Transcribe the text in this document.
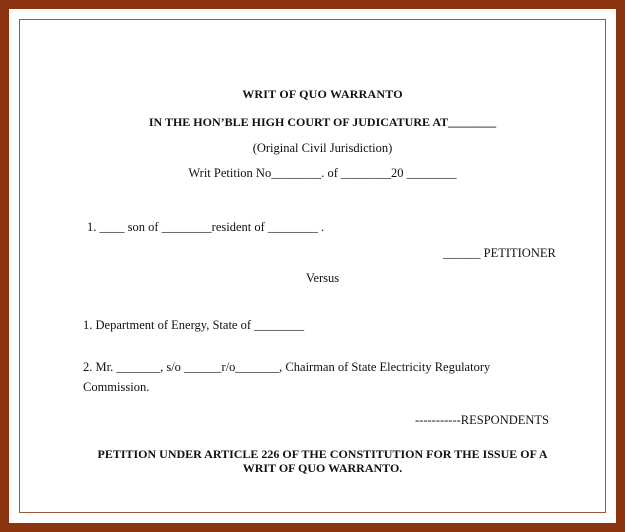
WRIT OF QUO WARRANTO
IN THE HON’BLE HIGH COURT OF JUDICATURE AT________
(Original Civil Jurisdiction)
Writ Petition No________. of ________20 ________
1. ____ son of ________resident of ________ .
______ PETITIONER
Versus
1. Department of Energy, State of ________
2. Mr. _______, s/o ______r/o_______, Chairman of State Electricity Regulatory
Commission.
-----------RESPONDENTS
PETITION UNDER ARTICLE 226 OF THE CONSTITUTION FOR THE ISSUE OF A
WRIT OF QUO WARRANTO.
